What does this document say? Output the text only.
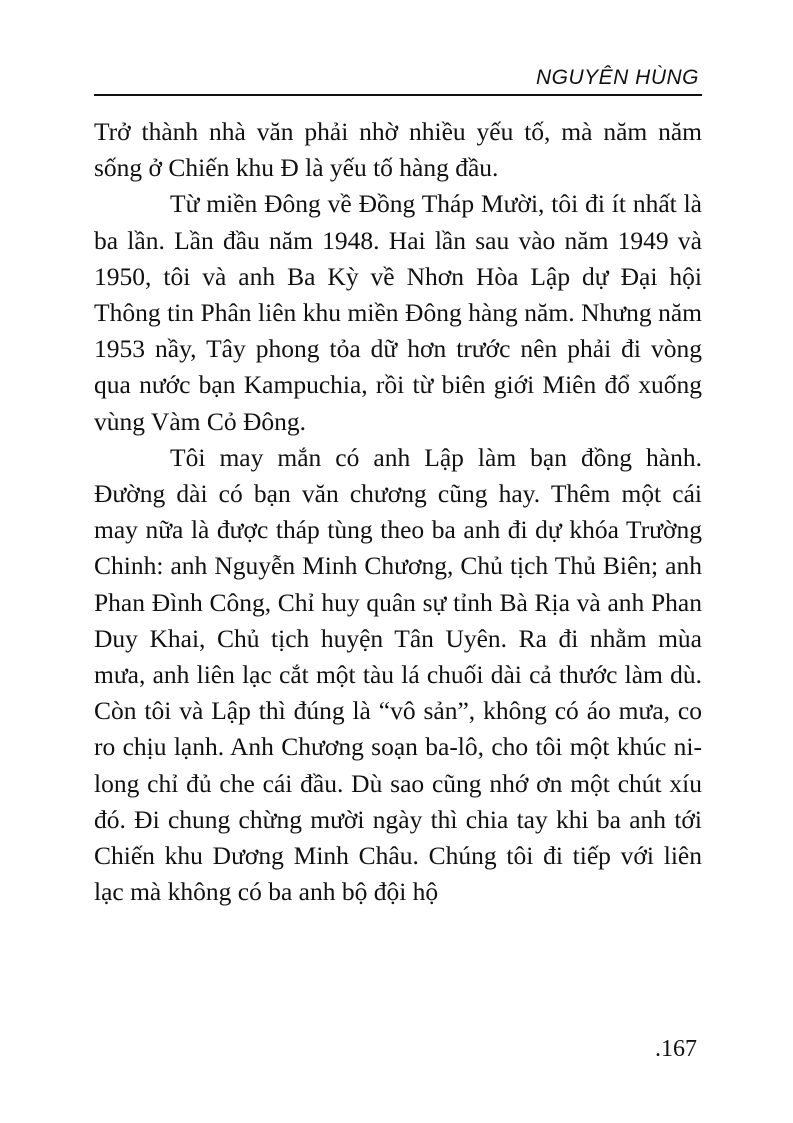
NGUYÊN HÙNG

Trở thành nhà văn phải nhờ nhiều yếu tố, mà năm năm sống ở Chiến khu Đ là yếu tố hàng đầu.

Từ miền Đông về Đồng Tháp Mười, tôi đi ít nhất là ba lần. Lần đầu năm 1948. Hai lần sau vào năm 1949 và 1950, tôi và anh Ba Kỳ về Nhơn Hòa Lập dự Đại hội Thông tin Phân liên khu miền Đông hàng năm. Nhưng năm 1953 nầy, Tây phong tỏa dữ hơn trước nên phải đi vòng qua nước bạn Kampuchia, rồi từ biên giới Miên đổ xuống vùng Vàm Cỏ Đông.

Tôi may mắn có anh Lập làm bạn đồng hành. Đường dài có bạn văn chương cũng hay. Thêm một cái may nữa là được tháp tùng theo ba anh đi dự khóa Trường Chinh: anh Nguyễn Minh Chương, Chủ tịch Thủ Biên; anh Phan Đình Công, Chỉ huy quân sự tỉnh Bà Rịa và anh Phan Duy Khai, Chủ tịch huyện Tân Uyên. Ra đi nhằm mùa mưa, anh liên lạc cắt một tàu lá chuối dài cả thước làm dù. Còn tôi và Lập thì đúng là “vô sản”, không có áo mưa, co ro chịu lạnh. Anh Chương soạn ba-lô, cho tôi một khúc ni-long chỉ đủ che cái đầu. Dù sao cũng nhớ ơn một chút xíu đó. Đi chung chừng mười ngày thì chia tay khi ba anh tới Chiến khu Dương Minh Châu. Chúng tôi đi tiếp với liên lạc mà không có ba anh bộ đội hộ

.167
